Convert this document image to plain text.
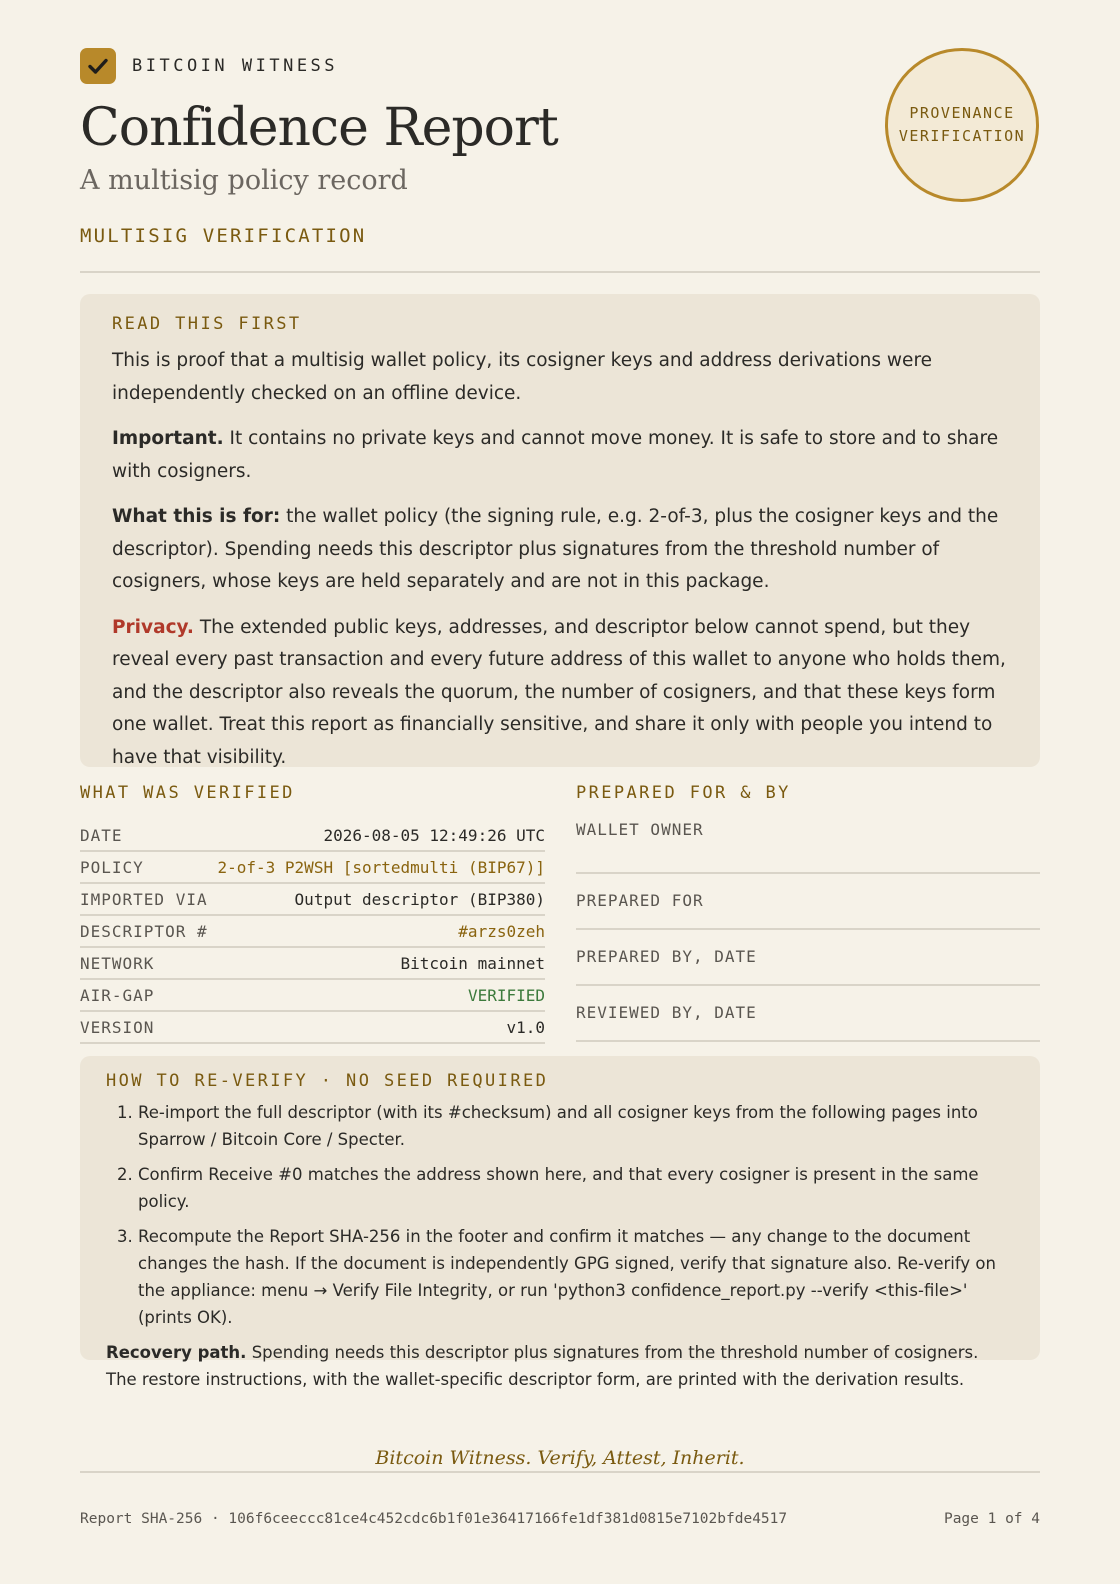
BITCOIN WITNESS
Confidence Report
A multisig policy record
MULTISIG VERIFICATION
PROVENANCE
VERIFICATION
READ THIS FIRST

This is proof that a multisig wallet policy, its cosigner keys and address derivations were independently checked on an offline device.

Important. It contains no private keys and cannot move money. It is safe to store and to share with cosigners.

What this is for: the wallet policy (the signing rule, e.g. 2-of-3, plus the cosigner keys and the descriptor). Spending needs this descriptor plus signatures from the threshold number of cosigners, whose keys are held separately and are not in this package.

Privacy. The extended public keys, addresses, and descriptor below cannot spend, but they reveal every past transaction and every future address of this wallet to anyone who holds them, and the descriptor also reveals the quorum, the number of cosigners, and that these keys form one wallet. Treat this report as financially sensitive, and share it only with people you intend to have that visibility.

WHAT WAS VERIFIED	PREPARED FOR & BY
DATE	2026-08-05 12:49:26 UTC
POLICY	2-of-3 P2WSH [sortedmulti (BIP67)]
IMPORTED VIA	Output descriptor (BIP380)
DESCRIPTOR #	#arzs0zeh
NETWORK	Bitcoin mainnet
AIR-GAP	VERIFIED
VERSION	v1.0
WALLET OWNER
PREPARED FOR
PREPARED BY, DATE
REVIEWED BY, DATE
HOW TO RE-VERIFY · NO SEED REQUIRED
1. Re-import the full descriptor (with its #checksum) and all cosigner keys from the following pages into Sparrow / Bitcoin Core / Specter.
2. Confirm Receive #0 matches the address shown here, and that every cosigner is present in the same policy.
3. Recompute the Report SHA-256 in the footer and confirm it matches — any change to the document changes the hash. If the document is independently GPG signed, verify that signature also. Re-verify on the appliance: menu → Verify File Integrity, or run 'python3 confidence_report.py --verify <this-file>' (prints OK).

Recovery path. Spending needs this descriptor plus signatures from the threshold number of cosigners. The restore instructions, with the wallet-specific descriptor form, are printed with the derivation results.

Bitcoin Witness. Verify, Attest, Inherit.
Report SHA-256 · 106f6ceeccc81ce4c452cdc6b1f01e36417166fe1df381d0815e7102bfde4517	Page 1 of 4
